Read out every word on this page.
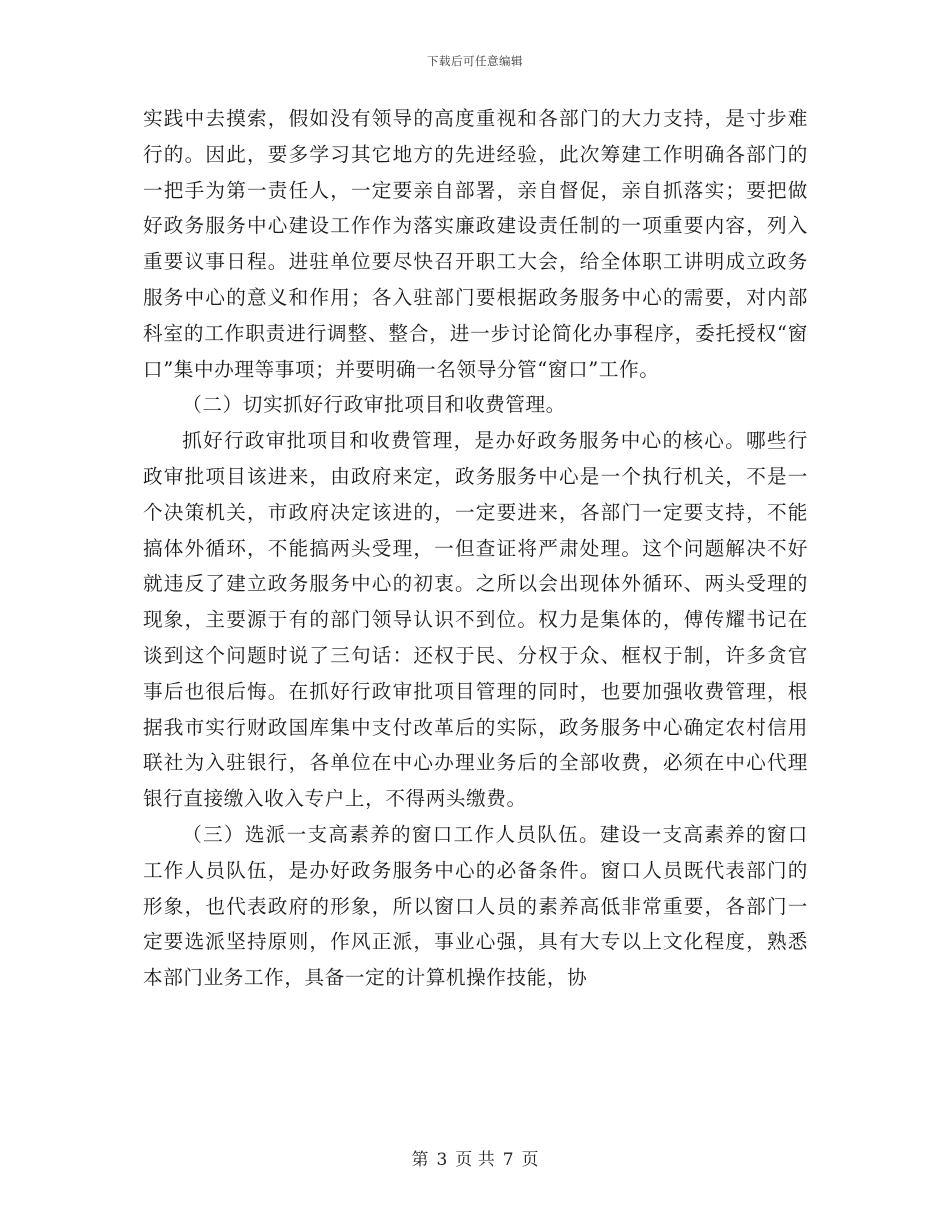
下载后可任意编辑

实践中去摸索，假如没有领导的高度重视和各部门的大力支持，是寸步难行的。因此，要多学习其它地方的先进经验，此次筹建工作明确各部门的一把手为第一责任人，一定要亲自部署，亲自督促，亲自抓落实；要把做好政务服务中心建设工作作为落实廉政建设责任制的一项重要内容，列入重要议事日程。进驻单位要尽快召开职工大会，给全体职工讲明成立政务服务中心的意义和作用；各入驻部门要根据政务服务中心的需要，对内部科室的工作职责进行调整、整合，进一步讨论简化办事程序，委托授权“窗口”集中办理等事项；并要明确一名领导分管“窗口”工作。

（二）切实抓好行政审批项目和收费管理。

抓好行政审批项目和收费管理，是办好政务服务中心的核心。哪些行政审批项目该进来，由政府来定，政务服务中心是一个执行机关，不是一个决策机关，市政府决定该进的，一定要进来，各部门一定要支持，不能搞体外循环，不能搞两头受理，一但查证将严肃处理。这个问题解决不好就违反了建立政务服务中心的初衷。之所以会出现体外循环、两头受理的现象，主要源于有的部门领导认识不到位。权力是集体的，傅传耀书记在谈到这个问题时说了三句话：还权于民、分权于众、框权于制，许多贪官事后也很后悔。在抓好行政审批项目管理的同时，也要加强收费管理，根据我市实行财政国库集中支付改革后的实际，政务服务中心确定农村信用联社为入驻银行，各单位在中心办理业务后的全部收费，必须在中心代理银行直接缴入收入专户上，不得两头缴费。

（三）选派一支高素养的窗口工作人员队伍。建设一支高素养的窗口工作人员队伍，是办好政务服务中心的必备条件。窗口人员既代表部门的形象，也代表政府的形象，所以窗口人员的素养高低非常重要，各部门一定要选派坚持原则，作风正派，事业心强，具有大专以上文化程度，熟悉本部门业务工作，具备一定的计算机操作技能，协

第 3 页 共 7 页
